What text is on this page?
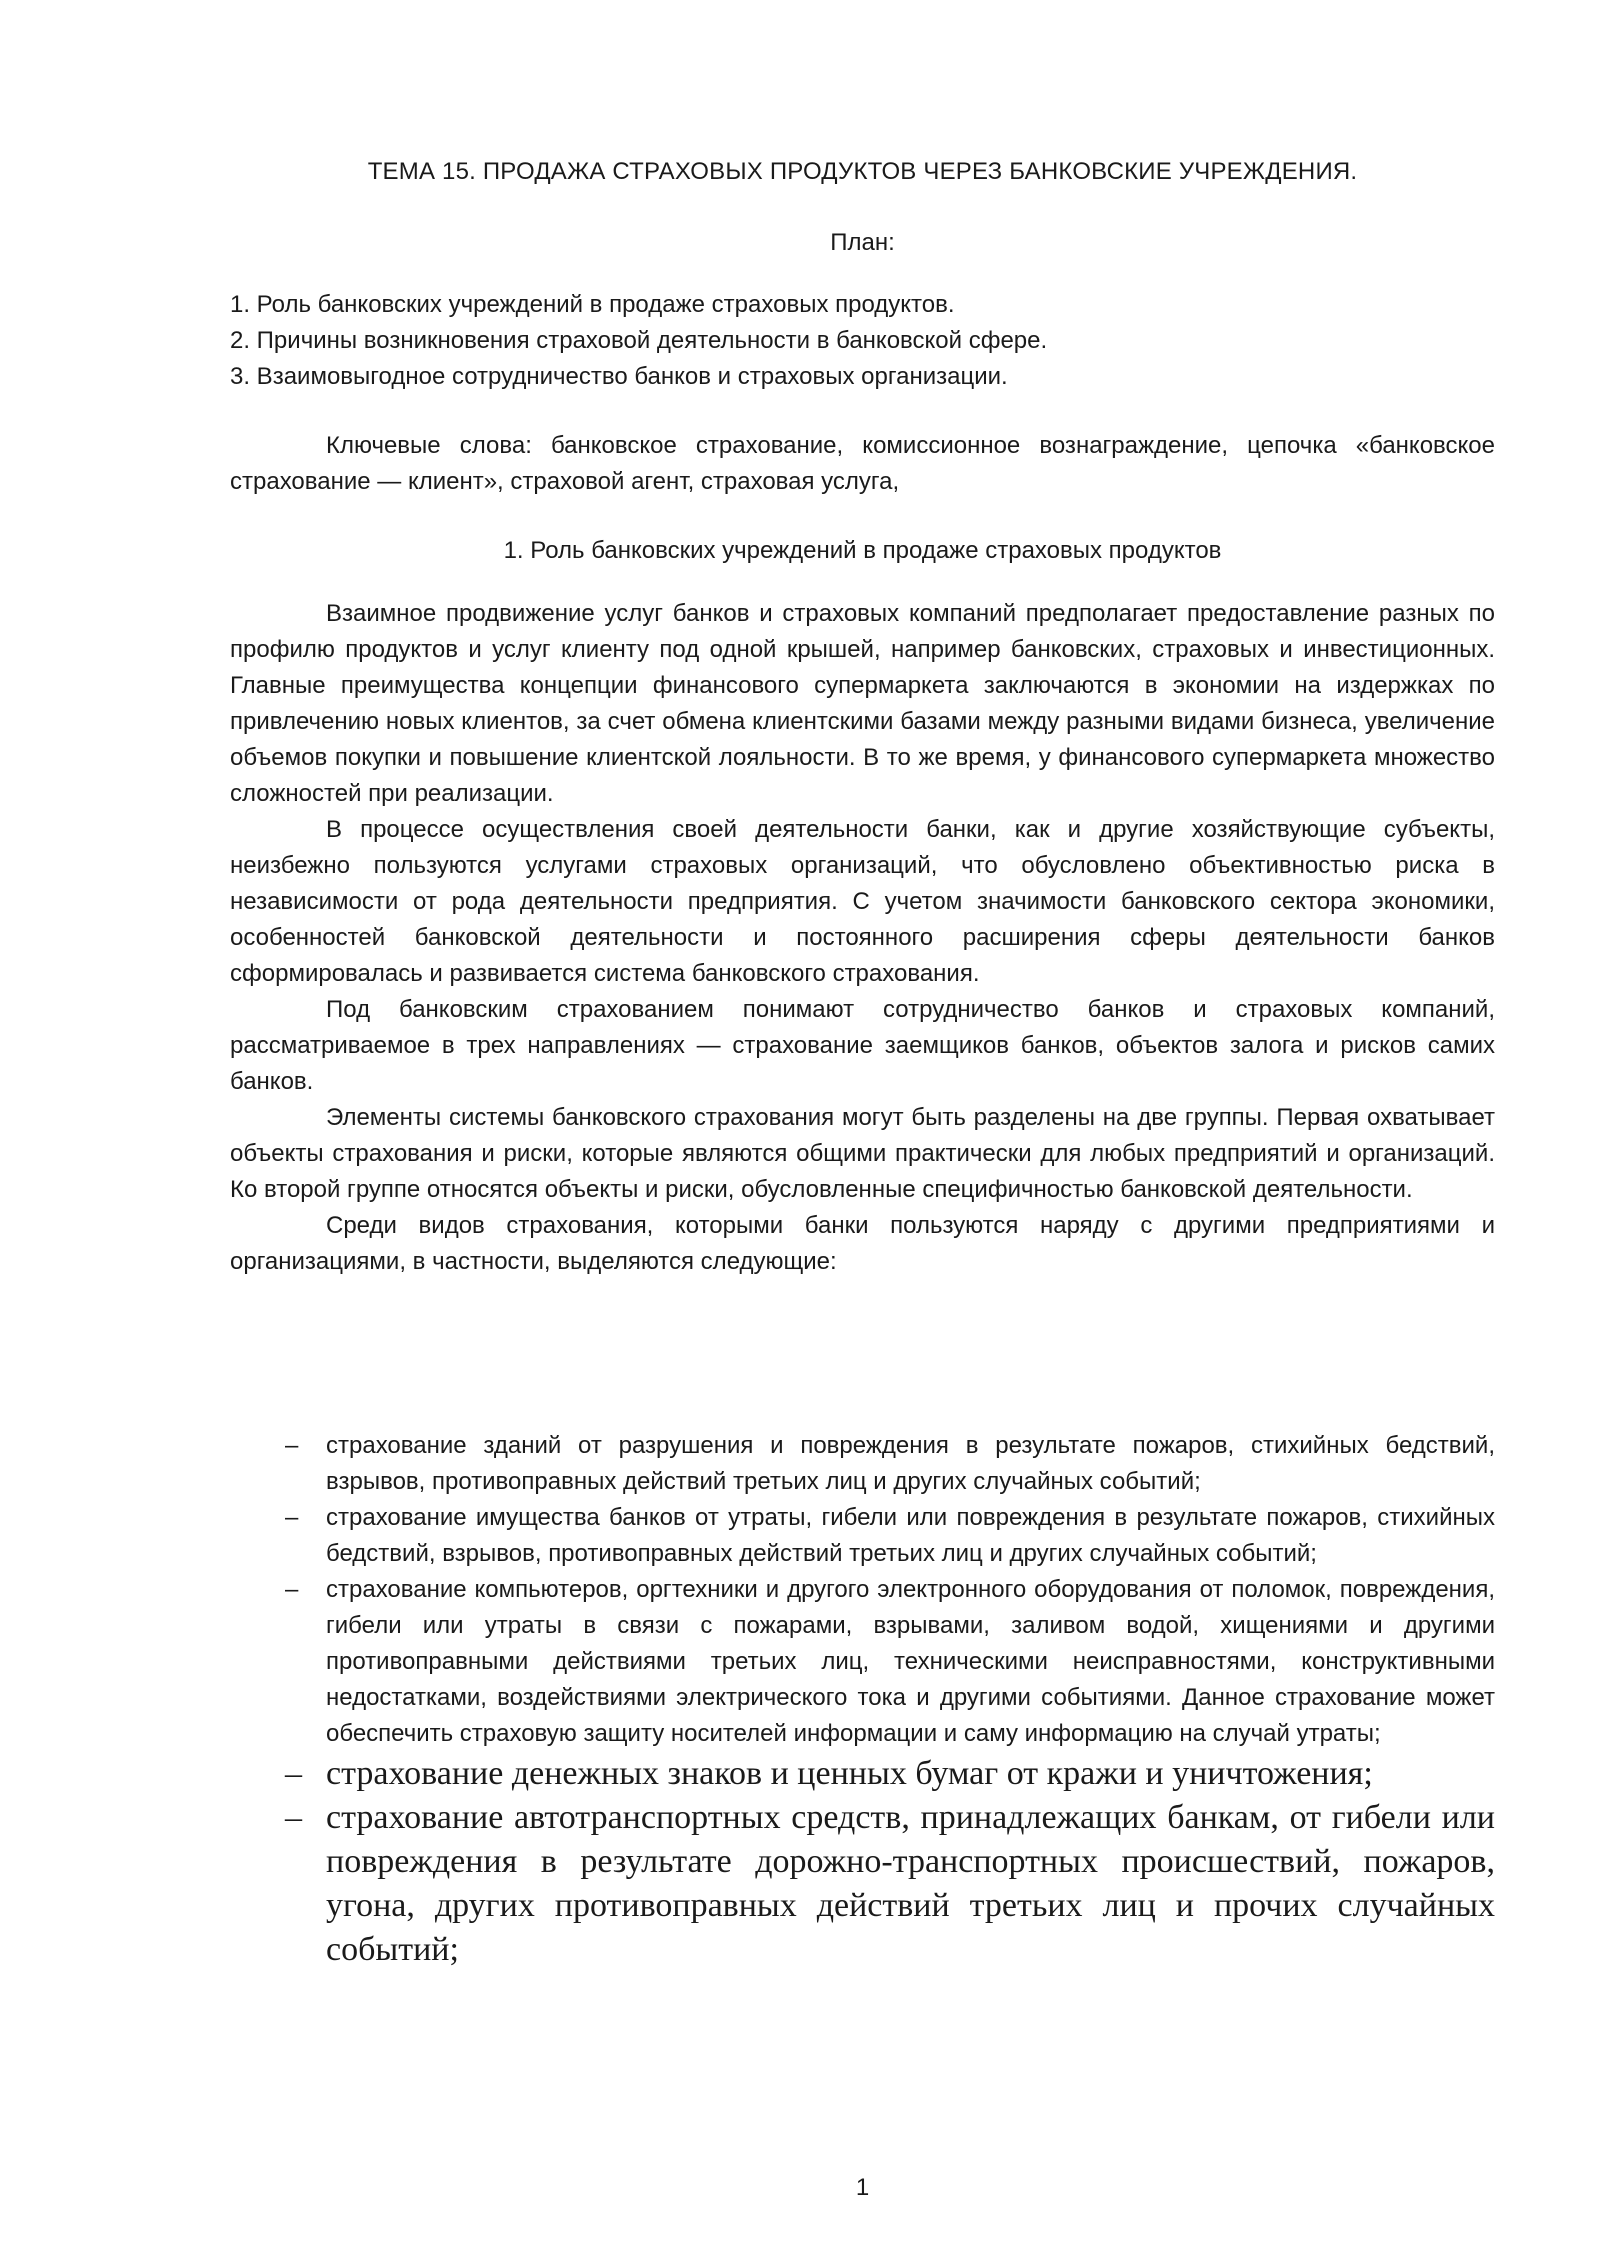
ТЕМА 15. ПРОДАЖА СТРАХОВЫХ ПРОДУКТОВ ЧЕРЕЗ БАНКОВСКИЕ УЧРЕЖДЕНИЯ.
План:
1. Роль банковских учреждений в продаже страховых продуктов.
2. Причины возникновения страховой деятельности в банковской сфере.
3. Взаимовыгодное сотрудничество банков и страховых организации.

Ключевые слова: банковское страхование, комиссионное вознаграждение, цепочка «банковское страхование — клиент», страховой агент, страховая услуга,

1. Роль банковских учреждений в продаже страховых продуктов

Взаимное продвижение услуг банков и страховых компаний предполагает предоставление разных по профилю продуктов и услуг клиенту под одной крышей, например банковских, страховых и инвестиционных. Главные преимущества концепции финансового супермаркета заключаются в экономии на издержках по привлечению новых клиентов, за счет обмена клиентскими базами между разными видами бизнеса, увеличение объемов покупки и повышение клиентской лояльности. В то же время, у финансового супермаркета множество сложностей при реализации.

В процессе осуществления своей деятельности банки, как и другие хозяйствующие субъекты, неизбежно пользуются услугами страховых организаций, что обусловлено объективностью риска в независимости от рода деятельности предприятия. С учетом значимости банковского сектора экономики, особенностей банковской деятельности и постоянного расширения сферы деятельности банков сформировалась и развивается система банковского страхования.

Под банковским страхованием понимают сотрудничество банков и страховых компаний, рассматриваемое в трех направлениях — страхование заемщиков банков, объектов залога и рисков самих банков.

Элементы системы банковского страхования могут быть разделены на две группы. Первая охватывает объекты страхования и риски, которые являются общими практически для любых предприятий и организаций. Ко второй группе относятся объекты и риски, обусловленные специфичностью банковской деятельности.

Среди видов страхования, которыми банки пользуются наряду с другими предприятиями и организациями, в частности, выделяются следующие:

– страхование зданий от разрушения и повреждения в результате пожаров, стихийных бедствий, взрывов, противоправных действий третьих лиц и других случайных событий;
– страхование имущества банков от утраты, гибели или повреждения в результате пожаров, стихийных бедствий, взрывов, противоправных действий третьих лиц и других случайных событий;
– страхование компьютеров, оргтехники и другого электронного оборудования от поломок, повреждения, гибели или утраты в связи с пожарами, взрывами, заливом водой, хищениями и другими противоправными действиями третьих лиц, техническими неисправностями, конструктивными недостатками, воздействиями электрического тока и другими событиями. Данное страхование может обеспечить страховую защиту носителей информации и саму информацию на случай утраты;
– страхование денежных знаков и ценных бумаг от кражи и уничтожения;
– страхование автотранспортных средств, принадлежащих банкам, от гибели или повреждения в результате дорожно-транспортных происшествий, пожаров, угона, других противоправных действий третьих лиц и прочих случайных событий;
1
